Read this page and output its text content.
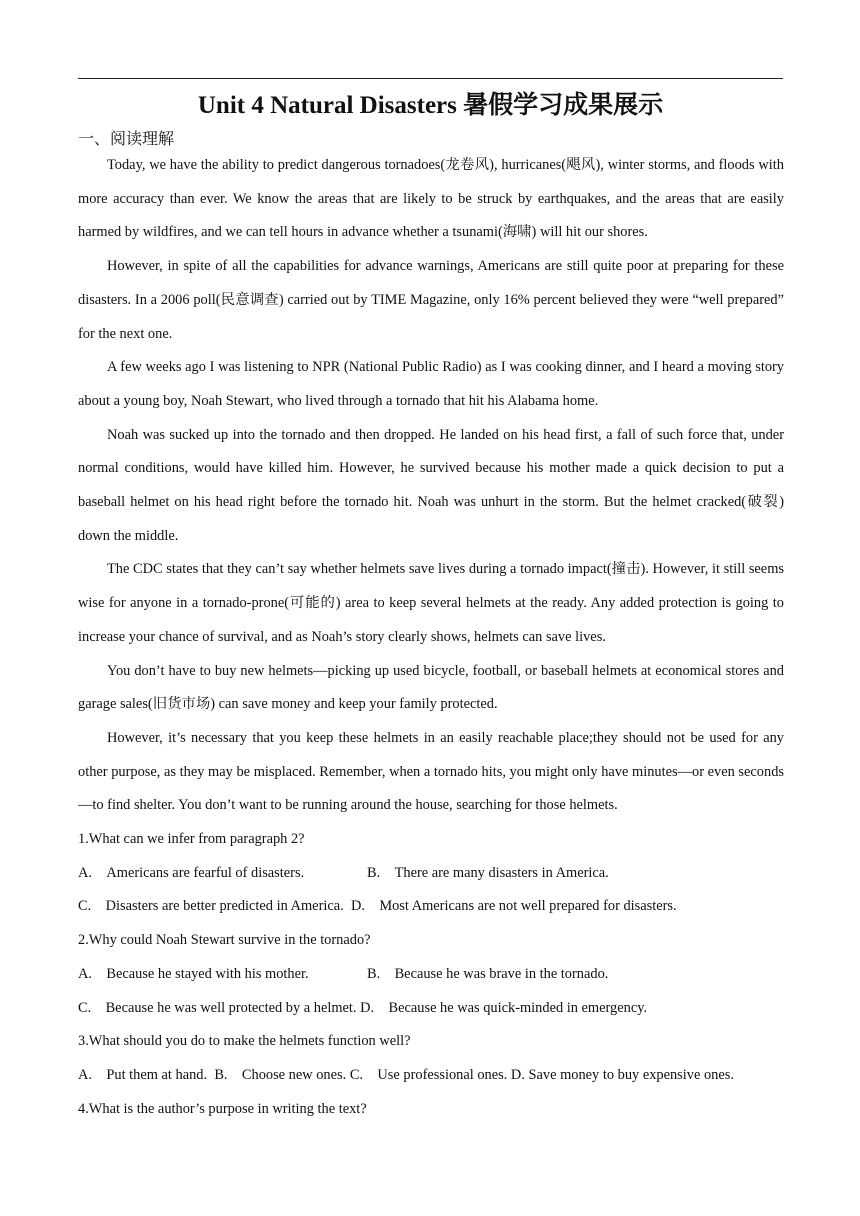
Unit 4 Natural Disasters 暑假学习成果展示
一、阅读理解

Today, we have the ability to predict dangerous tornadoes(龙卷风), hurricanes(飓风), winter storms, and floods with more accuracy than ever. We know the areas that are likely to be struck by earthquakes, and the areas that are easily harmed by wildfires, and we can tell hours in advance whether a tsunami(海啸) will hit our shores.

However, in spite of all the capabilities for advance warnings, Americans are still quite poor at preparing for these disasters. In a 2006 poll(民意调查) carried out by TIME Magazine, only 16% percent believed they were “well prepared” for the next one.

A few weeks ago I was listening to NPR (National Public Radio) as I was cooking dinner, and I heard a moving story about a young boy, Noah Stewart, who lived through a tornado that hit his Alabama home.

Noah was sucked up into the tornado and then dropped. He landed on his head first, a fall of such force that, under normal conditions, would have killed him. However, he survived because his mother made a quick decision to put a baseball helmet on his head right before the tornado hit. Noah was unhurt in the storm. But the helmet cracked(破裂) down the middle.

The CDC states that they can’t say whether helmets save lives during a tornado impact(撞击). However, it still seems wise for anyone in a tornado-prone(可能的) area to keep several helmets at the ready. Any added protection is going to increase your chance of survival, and as Noah’s story clearly shows, helmets can save lives.

You don’t have to buy new helmets—picking up used bicycle, football, or baseball helmets at economical stores and garage sales(旧货市场) can save money and keep your family protected.

However, it’s necessary that you keep these helmets in an easily reachable place;they should not be used for any other purpose, as they may be misplaced. Remember, when a tornado hits, you might only have minutes—or even seconds—to find shelter. You don’t want to be running around the house, searching for those helmets.

1.What can we infer from paragraph 2?

A.    Americans are fearful of disasters.	B.    There are many disasters in America.

C.    Disasters are better predicted in America. D.    Most Americans are not well prepared for disasters.

2.Why could Noah Stewart survive in the tornado?

A.    Because he stayed with his mother.	B.    Because he was brave in the tornado.

C.    Because he was well protected by a helmet. D.    Because he was quick-minded in emergency.

3.What should you do to make the helmets function well?

A.    Put them at hand. B.    Choose new ones. C.    Use professional ones. D. Save money to buy expensive ones.

4.What is the author’s purpose in writing the text?
